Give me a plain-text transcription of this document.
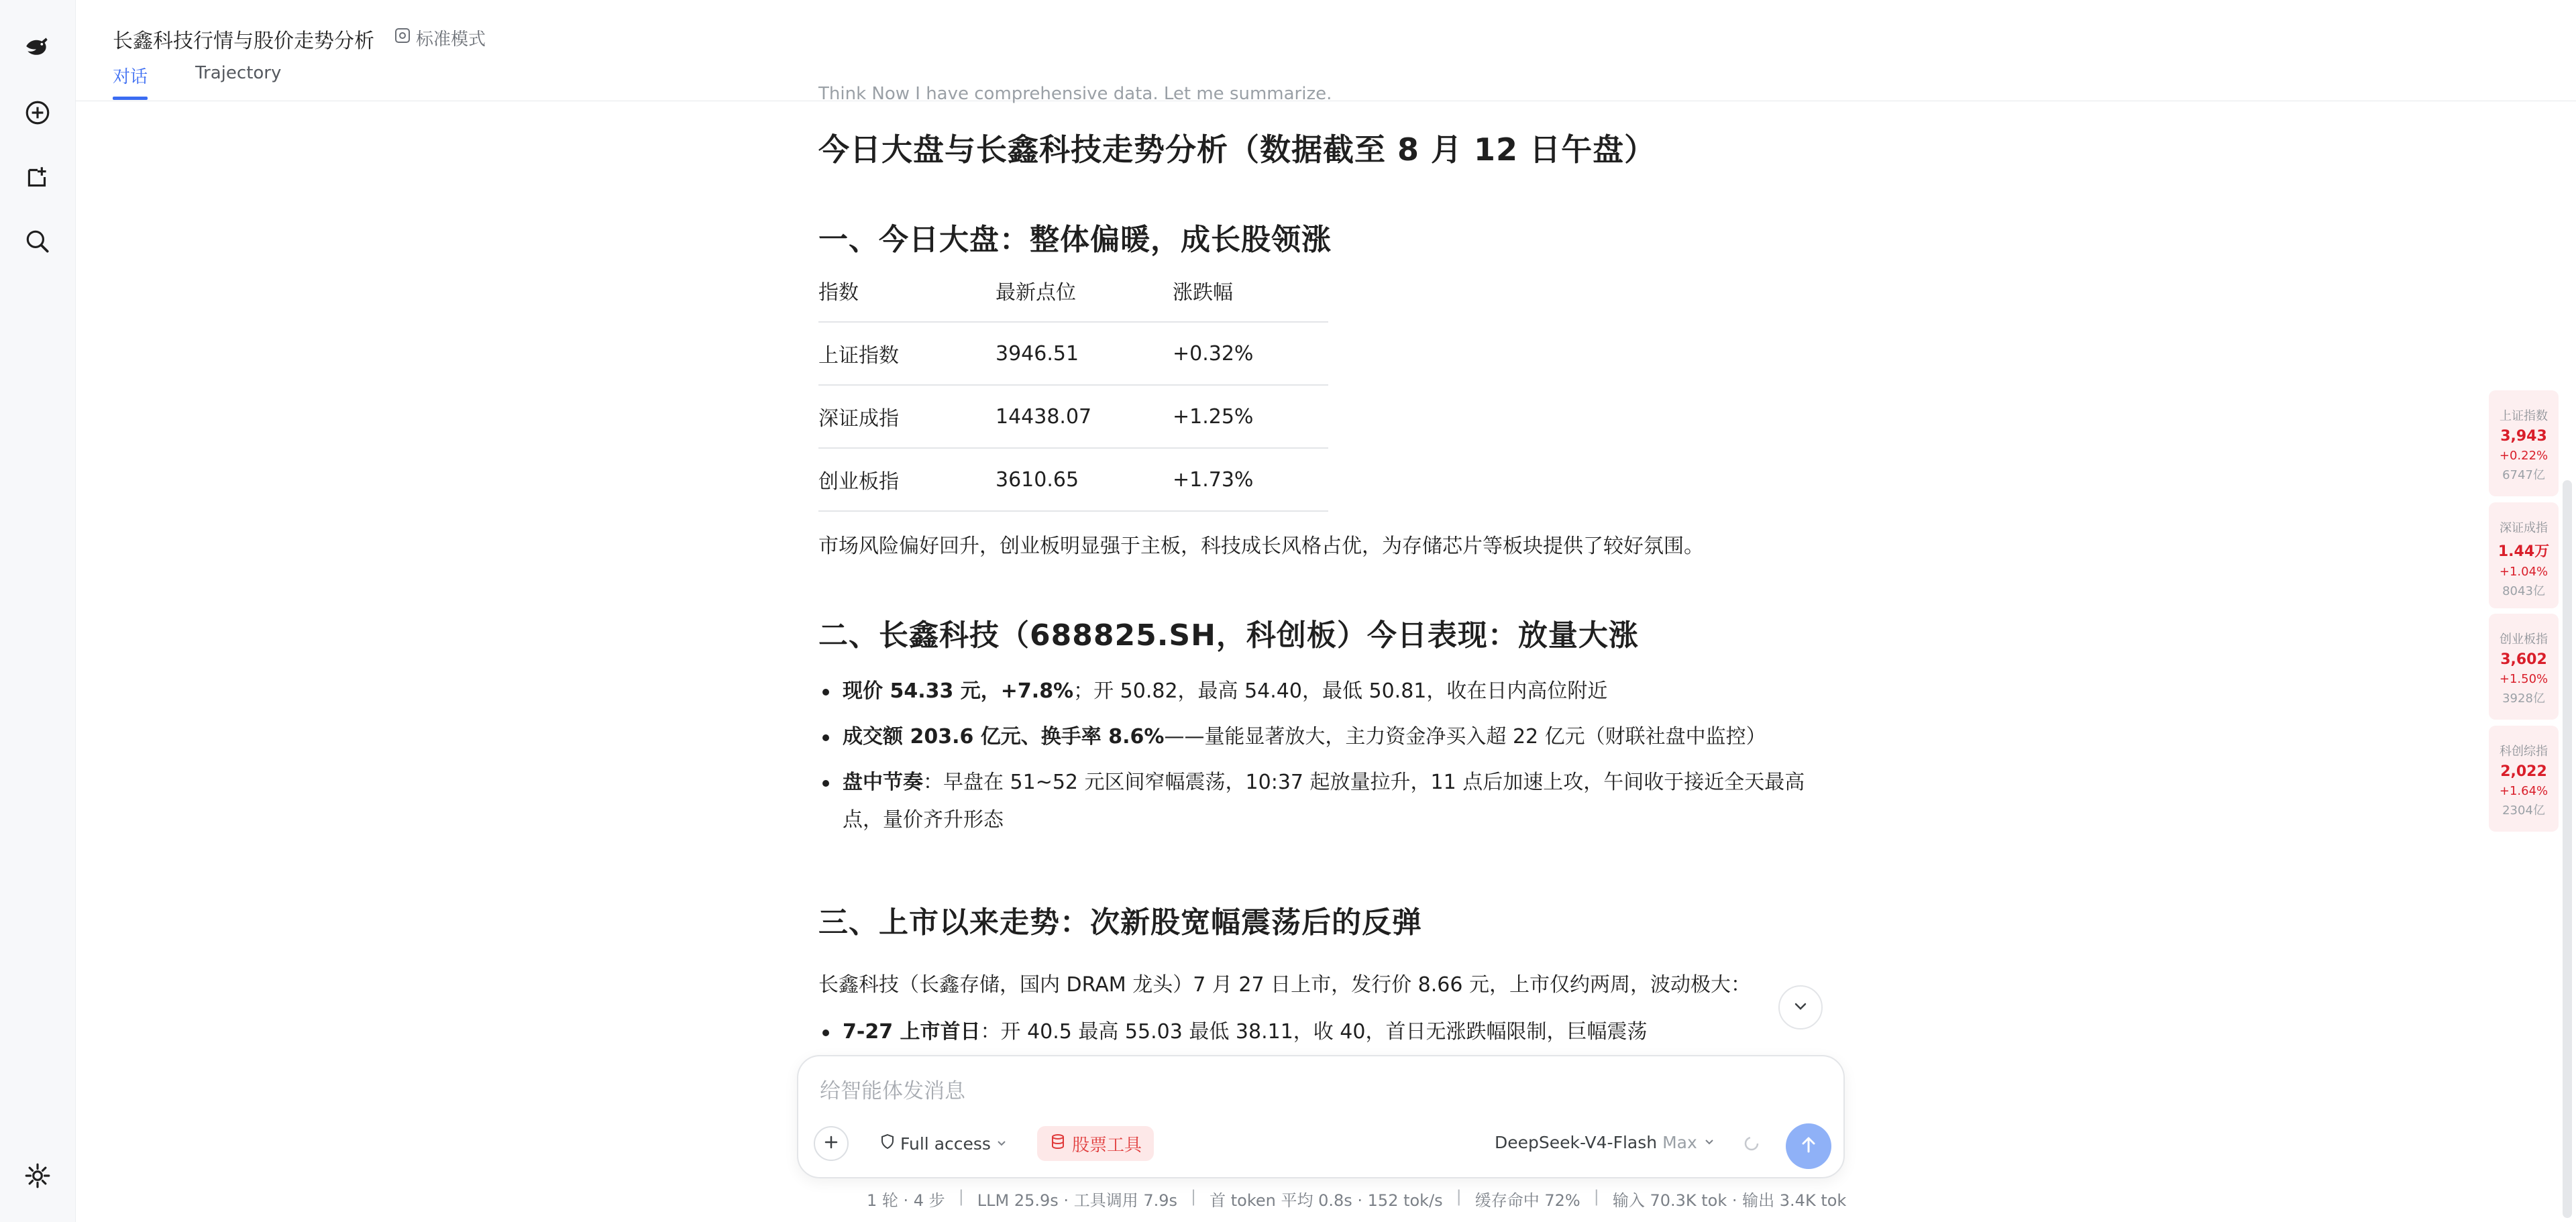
长鑫科技行情与股价走势分析 标准模式
对话	Trajectory
Think Now I have comprehensive data. Let me summarize.
今日大盘与长鑫科技走势分析（数据截至 8 月 12 日午盘）
一、今日大盘：整体偏暖，成长股领涨
指数	最新点位	涨跌幅
上证指数	3946.51	+0.32%
深证成指	14438.07	+1.25%
创业板指	3610.65	+1.73%
市场风险偏好回升，创业板明显强于主板，科技成长风格占优，为存储芯片等板块提供了较好氛围。
二、长鑫科技（688825.SH，科创板）今日表现：放量大涨
现价 54.33 元，+7.8%；开 50.82，最高 54.40，最低 50.81，收在日内高位附近
成交额 203.6 亿元、换手率 8.6%——量能显著放大，主力资金净买入超 22 亿元（财联社盘中监控）
盘中节奏：早盘在 51~52 元区间窄幅震荡，10:37 起放量拉升，11 点后加速上攻，午间收于接近全天最高点，量价齐升形态
三、上市以来走势：次新股宽幅震荡后的反弹
长鑫科技（长鑫存储，国内 DRAM 龙头）7 月 27 日上市，发行价 8.66 元，上市仅约两周，波动极大：
7-27 上市首日：开 40.5 最高 55.03 最低 38.11，收 40，首日无涨跌幅限制，巨幅震荡
给智能体发消息
Full access	股票工具	DeepSeek-V4-Flash Max
1 轮 · 4 步 | LLM 25.9s · 工具调用 7.9s | 首 token 平均 0.8s · 152 tok/s | 缓存命中 72% | 输入 70.3K tok · 输出 3.4K tok
上证指数
3,943
+0.22%
6747亿
深证成指
1.44万
+1.04%
8043亿
创业板指
3,602
+1.50%
3928亿
科创综指
2,022
+1.64%
2304亿
